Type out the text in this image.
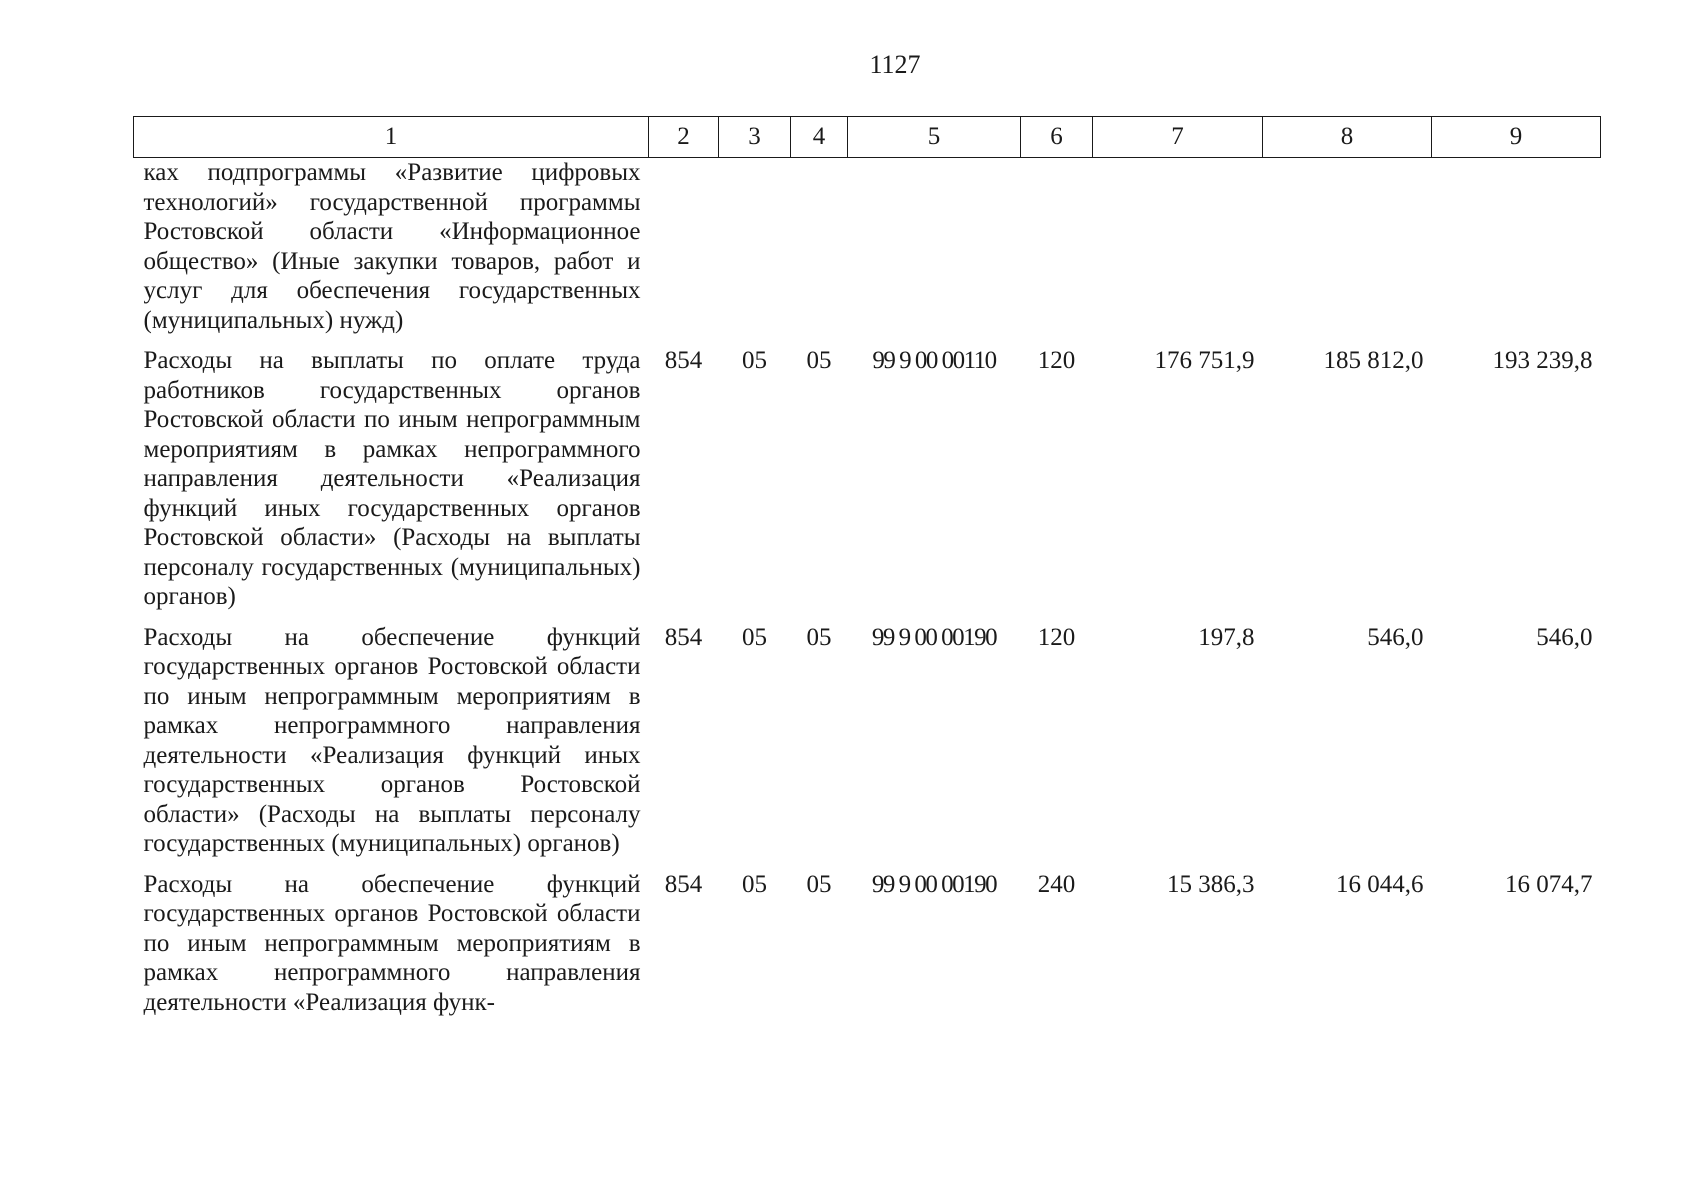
1127
1	2	3	4	5	6	7	8	9
ках подпрограммы «Развитие цифровых технологий» государственной программы Ростовской области «Информационное общество» (Иные закупки товаров, работ и услуг для обеспечения государственных (муниципальных) нужд)								
Расходы на выплаты по оплате труда работников государственных органов Ростовской области по иным непрограммным мероприятиям в рамках непрограммного направления деятельности «Реализация функций иных государственных органов Ростовской области» (Расходы на выплаты персоналу государственных (муниципальных) органов)	854	05	05	99 9 00 00110	120	176 751,9	185 812,0	193 239,8
Расходы на обеспечение функций государственных органов Ростовской области по иным непрограммным мероприятиям в рамках непрограммного направления деятельности «Реализация функций иных государственных органов Ростовской области» (Расходы на выплаты персоналу государственных (муниципальных) органов)	854	05	05	99 9 00 00190	120	197,8	546,0	546,0
Расходы на обеспечение функций государственных органов Ростовской области по иным непрограммным мероприятиям в рамках непрограммного направления деятельности «Реализация функ-	854	05	05	99 9 00 00190	240	15 386,3	16 044,6	16 074,7
